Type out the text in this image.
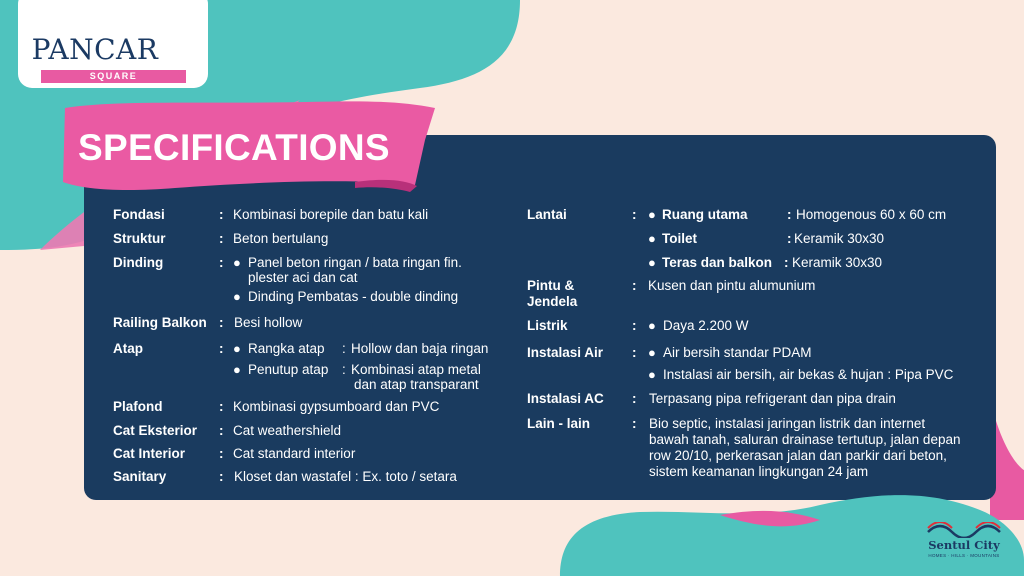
PANCAR
SQUARE
SPECIFICATIONS
Fondasi	: Kombinasi borepile dan batu kali
Struktur	: Beton bertulang
Dinding	: ● Panel beton ringan / bata ringan fin.
plester aci dan cat
● Dinding Pembatas - double dinding
Railing Balkon : Besi hollow
Atap	: ● Rangka atap : Hollow dan baja ringan
● Penutup atap : Kombinasi atap metal
dan atap transparant
Plafond	: Kombinasi gypsumboard dan PVC
Cat Eksterior : Cat weathershield
Cat Interior	: Cat standard interior
Sanitary	: Kloset dan wastafel : Ex. toto / setara
Lantai	: ● Ruang utama	: Homogenous 60 x 60 cm
● Toilet	: Keramik 30x30
● Teras dan balkon : Keramik 30x30
Pintu &
Jendela
: Kusen dan pintu alumunium
Listrik	: ● Daya 2.200 W
Instalasi Air : ● Air bersih standar PDAM
● Instalasi air bersih, air bekas & hujan : Pipa PVC
Instalasi AC : Terpasang pipa refrigerant dan pipa drain
Lain - lain	: Bio septic, instalasi jaringan listrik dan internet
bawah tanah, saluran drainase tertutup, jalan depan
row 20/10, perkerasan jalan dan parkir dari beton,
sistem keamanan lingkungan 24 jam
Sentul City
HOMES · HILLS · MOUNTAINS
